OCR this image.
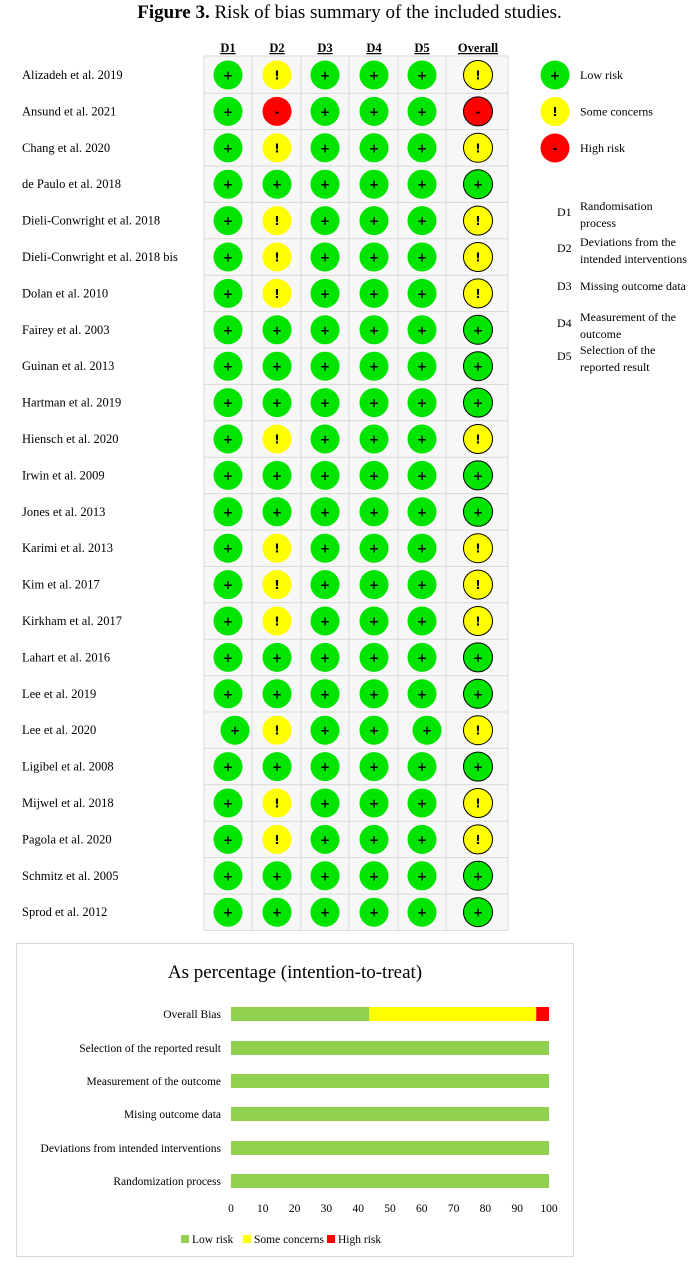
Figure 3. Risk of bias summary of the included studies.
D1	D2	D3	D4	D5 Overall
Alizadeh et al. 2019	+	!	+	+	+	!
Ansund et al. 2021	+	-	+	+	+	-
Chang et al. 2020	+	!	+	+	+	!
de Paulo et al. 2018	+	+	+	+	+	+
Dieli-Conwright et al. 2018	+	!	+	+	+	!
Dieli-Conwright et al. 2018 bis	+	!	+	+	+	!
Dolan et al. 2010	+	!	+	+	+	!
Fairey et al. 2003	+	+	+	+	+	+
Guinan et al. 2013	+	+	+	+	+	+
Hartman et al. 2019	+	+	+	+	+	+
Hiensch et al. 2020	+	!	+	+	+	!
Irwin et al. 2009	+	+	+	+	+	+
Jones et al. 2013	+	+	+	+	+	+
Karimi et al. 2013	+	!	+	+	+	!
Kim et al. 2017	+	!	+	+	+	!
Kirkham et al. 2017	+	!	+	+	+	!
Lahart et al. 2016	+	+	+	+	+	+
Lee et al. 2019	+	+	+	+	+	+
Lee et al. 2020	+	!	+	+	+	!
Ligibel et al. 2008	+	+	+	+	+	+
Mijwel et al. 2018	+	!	+	+	+	!
Pagola et al. 2020	+	!	+	+	+	!
Schmitz et al. 2005	+	+	+	+	+	+
Sprod et al. 2012	+	+	+	+	+	+
+ Low risk
! Some concerns
- High risk
D1 Randomisation
process
D2 Deviations from the
intended interventions
D3 Missing outcome data
D4 Measurement of the
outcome
D5 Selection of the
reported result
As percentage (intention-to-treat)
Overall Bias
Selection of the reported result
Measurement of the outcome
Mising outcome data
Deviations from intended interventions
Randomization process
0 10 20 30 40 50 60 70 80 90 100
Low risk Some concerns High risk
